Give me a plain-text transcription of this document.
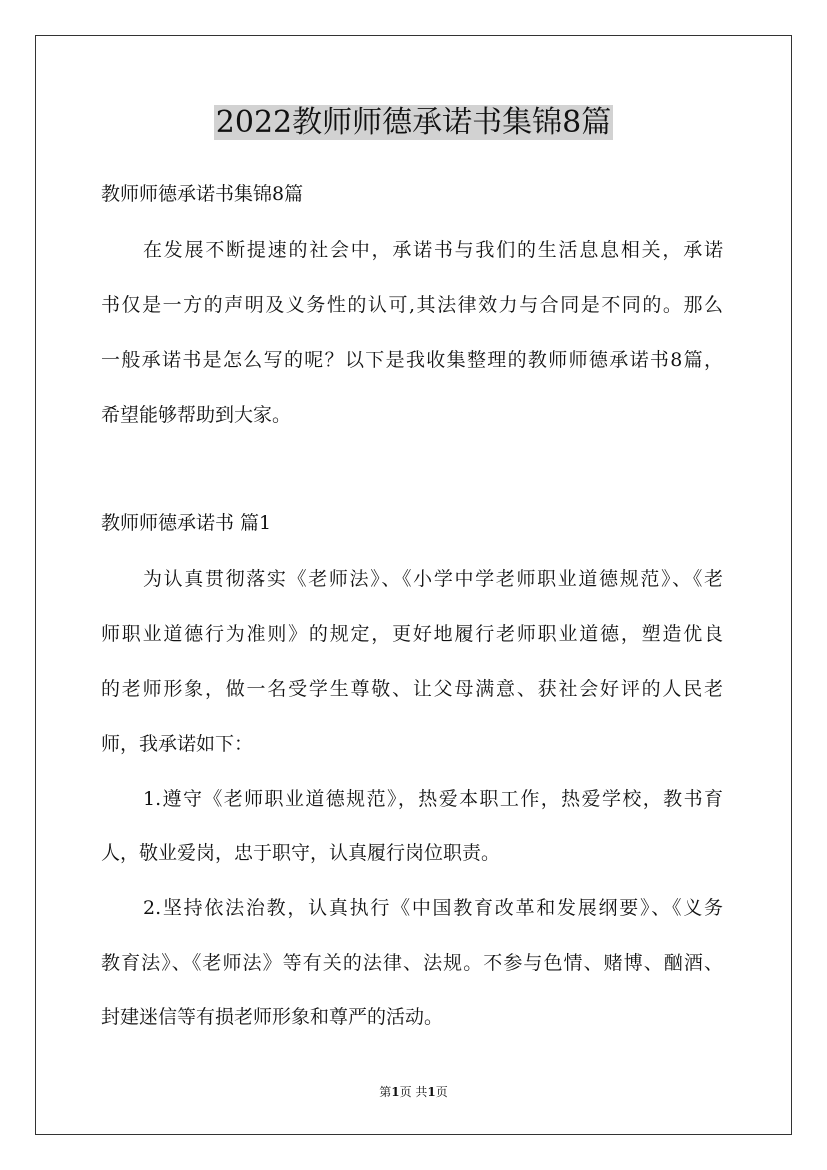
2022教师师德承诺书集锦8篇

教师师德承诺书集锦8篇

在发展不断提速的社会中，承诺书与我们的生活息息相关，承诺

书仅是一方的声明及义务性的认可,其法律效力与合同是不同的。那么

一般承诺书是怎么写的呢？以下是我收集整理的教师师德承诺书8篇，

希望能够帮助到大家。

教师师德承诺书 篇1

为认真贯彻落实《老师法》、《小学中学老师职业道德规范》、《老

师职业道德行为准则》的规定，更好地履行老师职业道德，塑造优良

的老师形象，做一名受学生尊敬、让父母满意、获社会好评的人民老

师，我承诺如下：

1.遵守《老师职业道德规范》，热爱本职工作，热爱学校，教书育

人，敬业爱岗，忠于职守，认真履行岗位职责。

2.坚持依法治教，认真执行《中国教育改革和发展纲要》、《义务

教育法》、《老师法》等有关的法律、法规。不参与色情、赌博、酗酒、

封建迷信等有损老师形象和尊严的活动。

第1页 共1页
